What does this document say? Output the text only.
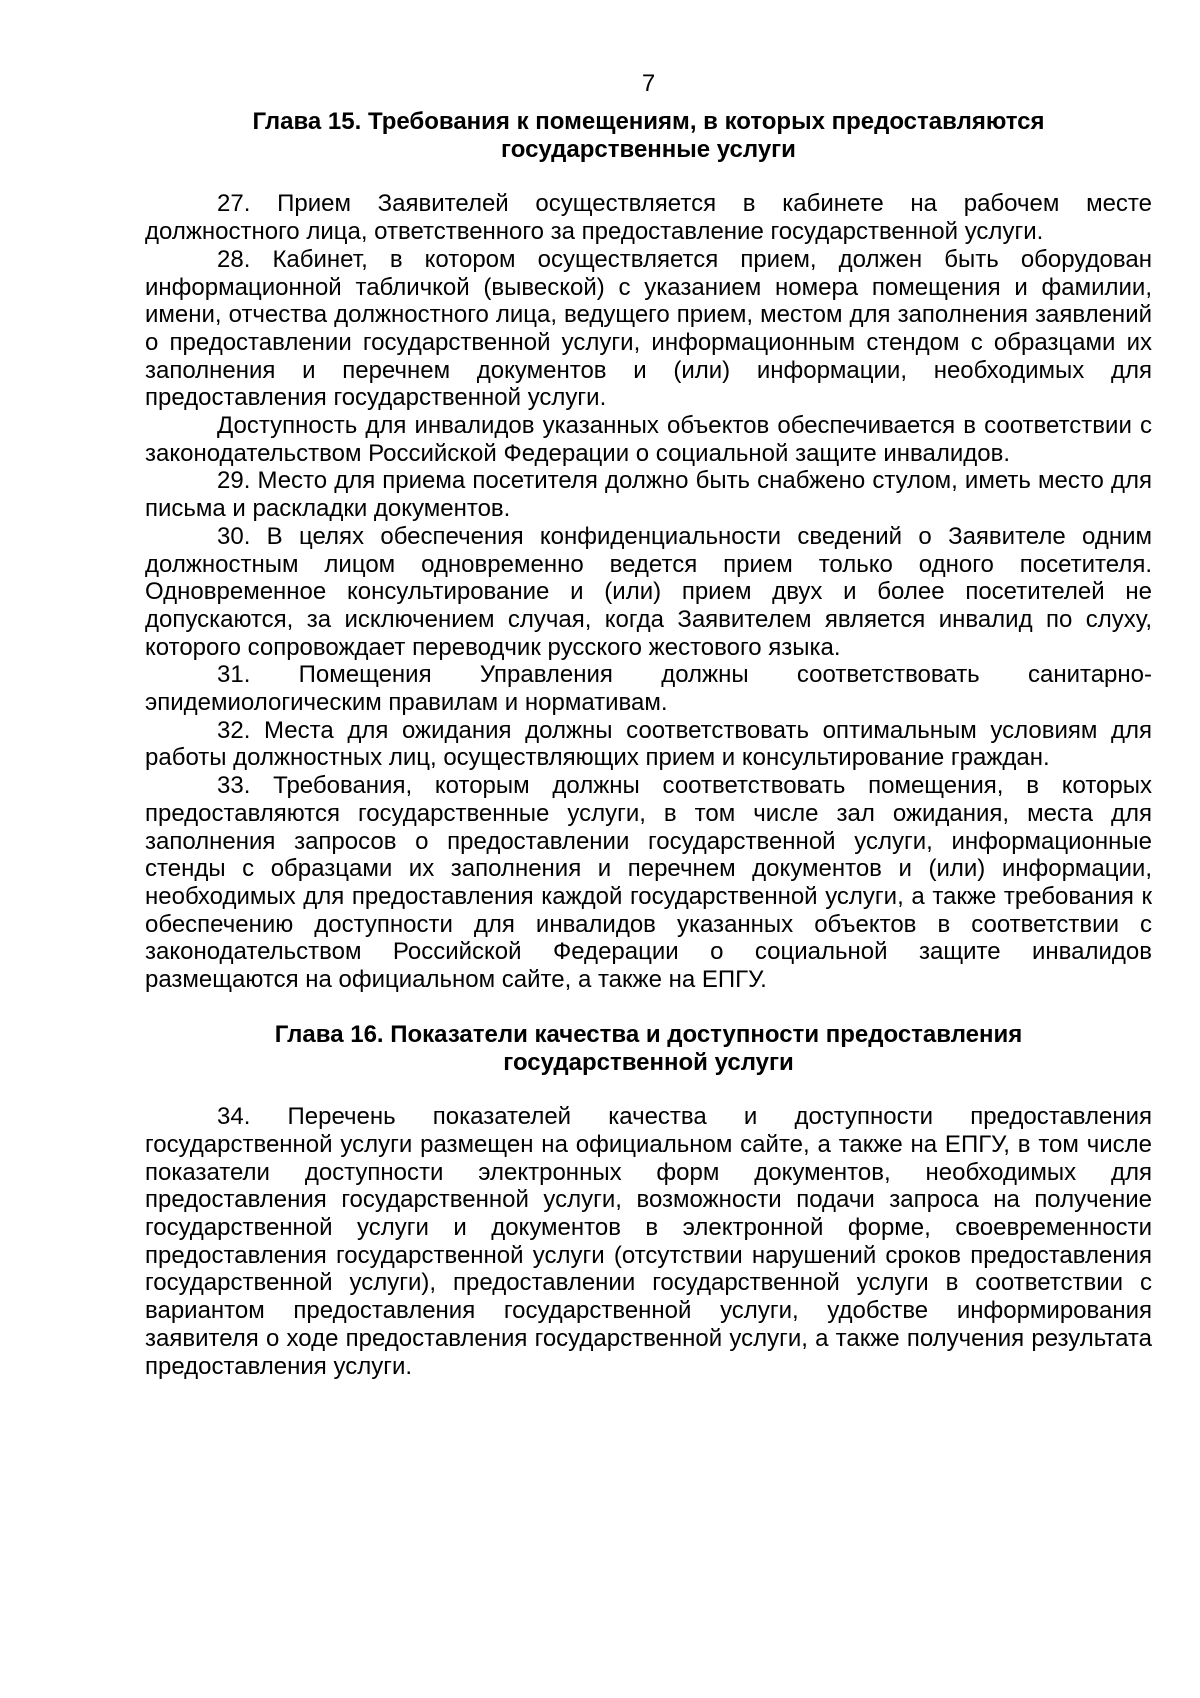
7
Глава 15. Требования к помещениям, в которых предоставляются государственные услуги

27. Прием Заявителей осуществляется в кабинете на рабочем месте должностного лица, ответственного за предоставление государственной услуги.

28. Кабинет, в котором осуществляется прием, должен быть оборудован информационной табличкой (вывеской) с указанием номера помещения и фамилии, имени, отчества должностного лица, ведущего прием, местом для заполнения заявлений о предоставлении государственной услуги, информационным стендом с образцами их заполнения и перечнем документов и (или) информации, необходимых для предоставления государственной услуги.

Доступность для инвалидов указанных объектов обеспечивается в соответствии с законодательством Российской Федерации о социальной защите инвалидов.

29. Место для приема посетителя должно быть снабжено стулом, иметь место для письма и раскладки документов.

30. В целях обеспечения конфиденциальности сведений о Заявителе одним должностным лицом одновременно ведется прием только одного посетителя. Одновременное консультирование и (или) прием двух и более посетителей не допускаются, за исключением случая, когда Заявителем является инвалид по слуху, которого сопровождает переводчик русского жестового языка.

31. Помещения Управления должны соответствовать санитарно-эпидемиологическим правилам и нормативам.

32. Места для ожидания должны соответствовать оптимальным условиям для работы должностных лиц, осуществляющих прием и консультирование граждан.

33. Требования, которым должны соответствовать помещения, в которых предоставляются государственные услуги, в том числе зал ожидания, места для заполнения запросов о предоставлении государственной услуги, информационные стенды с образцами их заполнения и перечнем документов и (или) информации, необходимых для предоставления каждой государственной услуги, а также требования к обеспечению доступности для инвалидов указанных объектов в соответствии с законодательством Российской Федерации о социальной защите инвалидов размещаются на официальном сайте, а также на ЕПГУ.

Глава 16. Показатели качества и доступности предоставления государственной услуги

34. Перечень показателей качества и доступности предоставления государственной услуги размещен на официальном сайте, а также на ЕПГУ, в том числе показатели доступности электронных форм документов, необходимых для предоставления государственной услуги, возможности подачи запроса на получение государственной услуги и документов в электронной форме, своевременности предоставления государственной услуги (отсутствии нарушений сроков предоставления государственной услуги), предоставлении государственной услуги в соответствии с вариантом предоставления государственной услуги, удобстве информирования заявителя о ходе предоставления государственной услуги, а также получения результата предоставления услуги.
